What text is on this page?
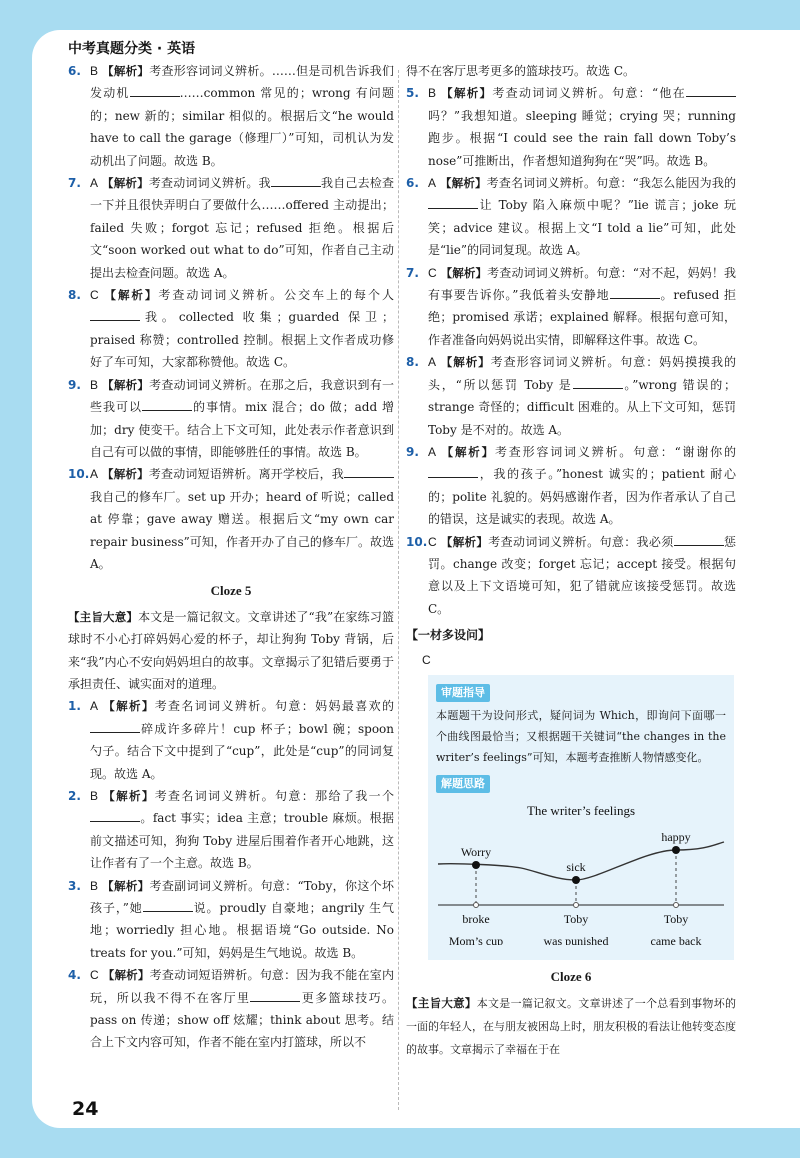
中考真题分类 · 英语

6. B 【解析】考查形容词词义辨析。……但是司机告诉我们发动机	……common 常见的；wrong 有问题的；new 新的；similar 相似的。根据后文“he would have to call the garage（修理厂）”可知，司机认为发动机出了问题。故选 B。

7. A 【解析】考查动词词义辨析。我	我自己去检查一下并且很快弄明白了要做什么……offered 主动提出；failed 失败；forgot 忘记；refused 拒绝。根据后文“soon worked out what to do”可知，作者自己主动提出去检查问题。故选 A。

8. C 【解析】考查动词词义辨析。公交车上的每个人我。collected 收集；guarded 保卫；praised 称赞；controlled 控制。根据上文作者成功修好了车可知，大家都称赞他。故选 C。

9. B 【解析】考查动词词义辨析。在那之后，我意识到有一些我可以	的事情。mix 混合；do 做；add 增加；dry 使变干。结合上下文可知，此处表示作者意识到自己有可以做的事情，即能够胜任的事情。故选 B。

10. A 【解析】考查动词短语辨析。离开学校后，我我自己的修车厂。set up 开办；heard of 听说；called at 停靠；gave away 赠送。根据后文“my own car repair business”可知，作者开办了自己的修车厂。故选 A。

Cloze 5

【主旨大意】本文是一篇记叙文。文章讲述了“我”在家练习篮球时不小心打碎妈妈心爱的杯子，却让狗狗 Toby 背锅，后来“我”内心不安向妈妈坦白的故事。文章揭示了犯错后要勇于承担责任、诚实面对的道理。

1. A 【解析】考查名词词义辨析。句意：妈妈最喜欢的碎成许多碎片！cup 杯子；bowl 碗；spoon 勺子。结合下文中提到了“cup”，此处是“cup”的同词复现。故选 A。

2. B 【解析】考查名词词义辨析。句意：那给了我一个。fact 事实；idea 主意；trouble 麻烦。根据前文描述可知，狗狗 Toby 进屋后围着作者开心地跳，这让作者有了一个主意。故选 B。

3. B 【解析】考查副词词义辨析。句意：“Toby，你这个坏孩子，”她	说。proudly 自豪地；angrily 生气地；worriedly 担心地。根据语境“Go outside. No treats for you.”可知，妈妈是生气地说。故选 B。

4. C 【解析】考查动词短语辨析。句意：因为我不能在室内玩，所以我不得不在客厅里	更多篮球技巧。pass on 传递；show off 炫耀；think about 思考。结合上下文内容可知，作者不能在室内打篮球，所以不

得不在客厅思考更多的篮球技巧。故选 C。

5. B 【解析】考查动词词义辨析。句意：“他在吗？”我想知道。sleeping 睡觉；crying 哭；running 跑步。根据“I could see the rain fall down Toby’s nose”可推断出，作者想知道狗狗在“哭”吗。故选 B。

6. A 【解析】考查名词词义辨析。句意：“我怎么能因为我的让 Toby 陷入麻烦中呢？”lie 谎言；joke 玩笑；advice 建议。根据上文“I told a lie”可知，此处是“lie”的同词复现。故选 A。

7. C 【解析】考查动词词义辨析。句意：“对不起，妈妈！我有事要告诉你。”我低着头安静地	。refused 拒绝；promised 承诺；explained 解释。根据句意可知，作者准备向妈妈说出实情，即解释这件事。故选 C。

8. A 【解析】考查形容词词义辨析。句意：妈妈摸摸我的头，“所以惩罚 Toby 是	。”wrong 错误的；strange 奇怪的；difficult 困难的。从上下文可知，惩罚 Toby 是不对的。故选 A。

9. A 【解析】考查形容词词义辨析。句意：“谢谢你的，我的孩子。”honest 诚实的；patient 耐心的；polite 礼貌的。妈妈感谢作者，因为作者承认了自己的错误，这是诚实的表现。故选 A。

10. C 【解析】考查动词词义辨析。句意：我必须	惩罚。change 改变；forget 忘记；accept 接受。根据句意以及上下文语境可知，犯了错就应该接受惩罚。故选 C。

【一材多设问】
C
审题指导

本题题干为设问形式，疑问词为 Which，即询问下面哪一个曲线图最恰当；又根据题干关键词“the changes in the writer’s feelings”可知，本题考查推断人物情感变化。

解题思路
The writer’s feelings
Worry
broke
Mom’s cup
sick
Toby
was punished
happy
Toby
came back
Cloze 6

【主旨大意】本文是一篇记叙文。文章讲述了一个总看到事物坏的一面的年轻人，在与朋友被困岛上时，朋友积极的看法让他转变态度的故事。文章揭示了幸福在于在

24
